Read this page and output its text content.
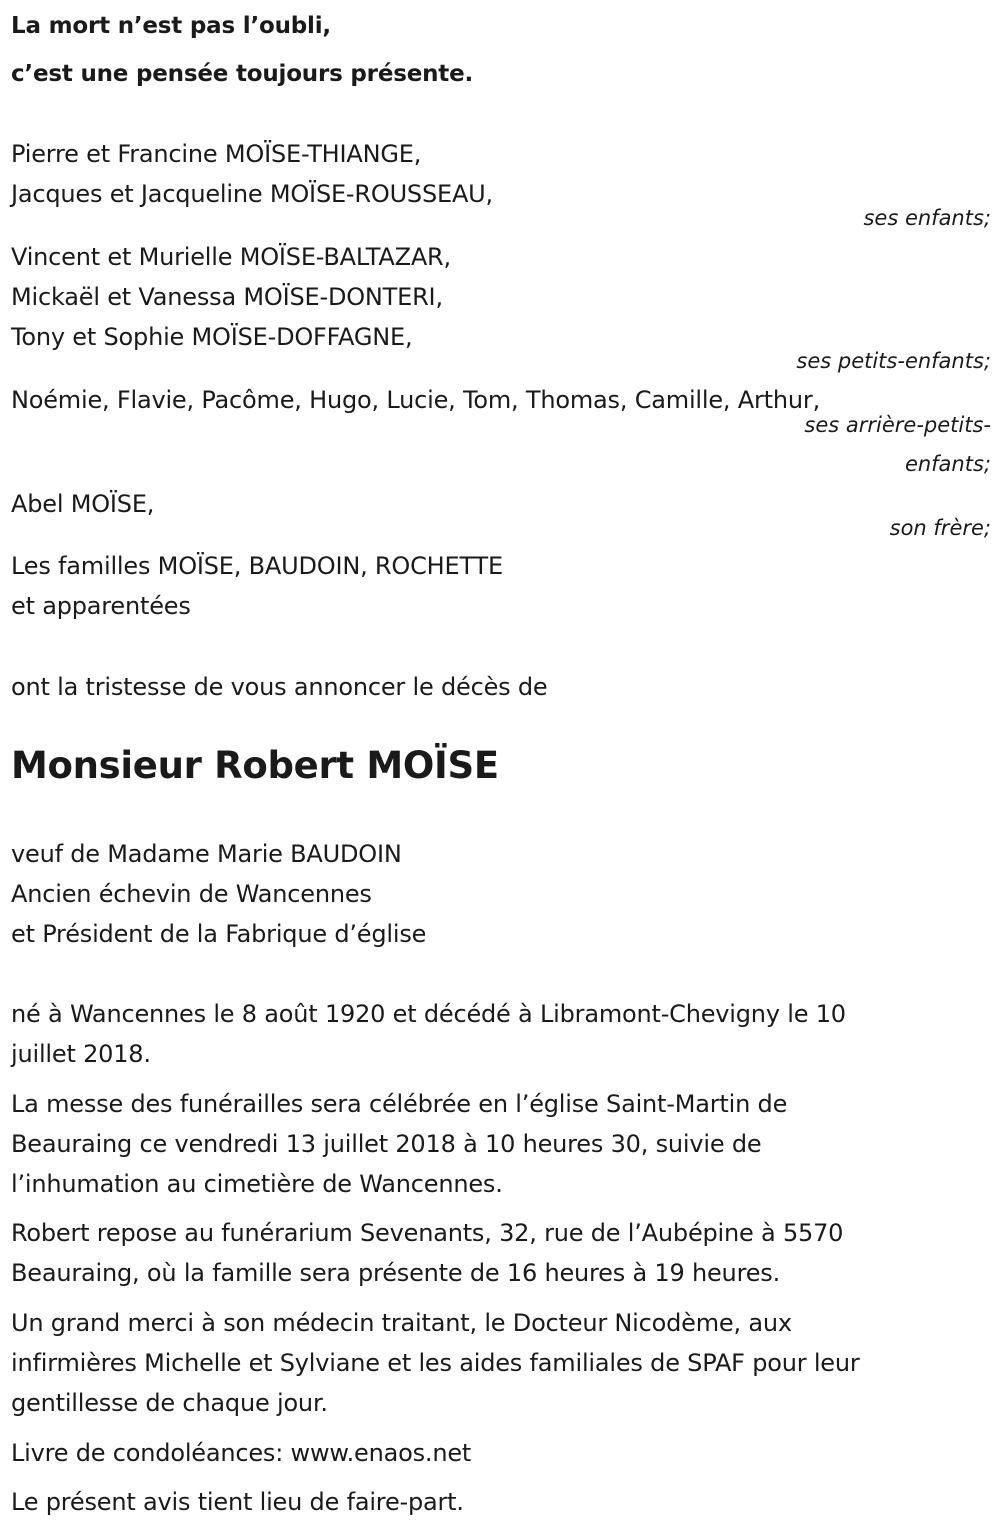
La mort n’est pas l’oubli,
c’est une pensée toujours présente.
Pierre et Francine MOÏSE-THIANGE,
Jacques et Jacqueline MOÏSE-ROUSSEAU,
ses enfants;
Vincent et Murielle MOÏSE-BALTAZAR,
Mickaël et Vanessa MOÏSE-DONTERI,
Tony et Sophie MOÏSE-DOFFAGNE,
ses petits-enfants;
Noémie, Flavie, Pacôme, Hugo, Lucie, Tom, Thomas, Camille, Arthur,
ses arrière-petits-
enfants;
Abel MOÏSE,
son frère;
Les familles MOÏSE, BAUDOIN, ROCHETTE
et apparentées
ont la tristesse de vous annoncer le décès de
Monsieur Robert MOÏSE
veuf de Madame Marie BAUDOIN
Ancien échevin de Wancennes
et Président de la Fabrique d’église
né à Wancennes le 8 août 1920 et décédé à Libramont-Chevigny le 10
juillet 2018.
La messe des funérailles sera célébrée en l’église Saint-Martin de
Beauraing ce vendredi 13 juillet 2018 à 10 heures 30, suivie de
l’inhumation au cimetière de Wancennes.
Robert repose au funérarium Sevenants, 32, rue de l’Aubépine à 5570
Beauraing, où la famille sera présente de 16 heures à 19 heures.
Un grand merci à son médecin traitant, le Docteur Nicodème, aux
infirmières Michelle et Sylviane et les aides familiales de SPAF pour leur
gentillesse de chaque jour.
Livre de condoléances: www.enaos.net
Le présent avis tient lieu de faire-part.
